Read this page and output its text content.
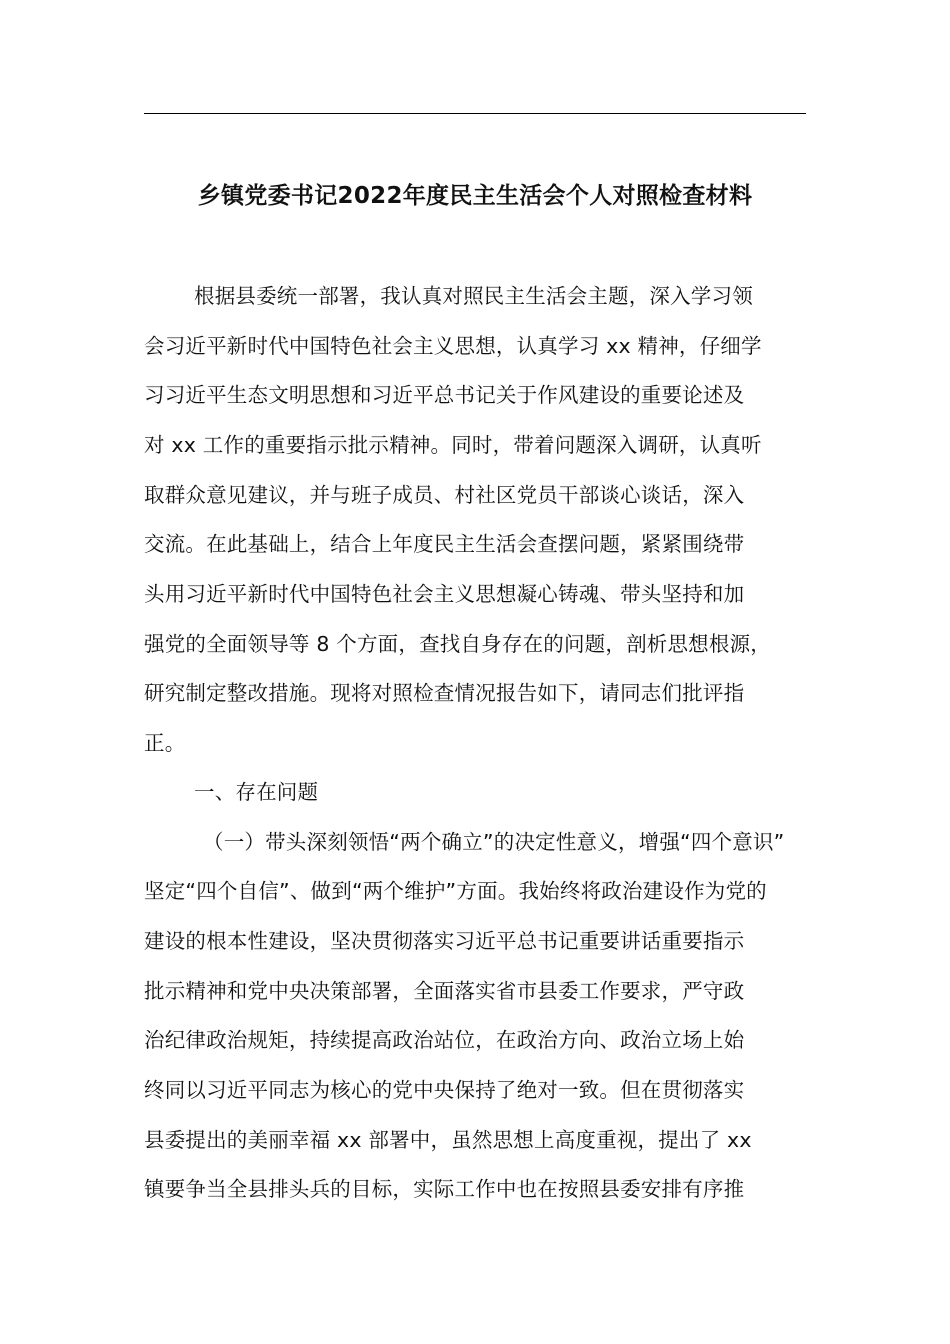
乡镇党委书记2022年度民主生活会个人对照检查材料
根据县委统一部署，我认真对照民主生活会主题，深入学习领
会习近平新时代中国特色社会主义思想，认真学习 xx 精神，仔细学
习习近平生态文明思想和习近平总书记关于作风建设的重要论述及
对 xx 工作的重要指示批示精神。同时，带着问题深入调研，认真听
取群众意见建议，并与班子成员、村社区党员干部谈心谈话，深入
交流。在此基础上，结合上年度民主生活会查摆问题，紧紧围绕带
头用习近平新时代中国特色社会主义思想凝心铸魂、带头坚持和加
强党的全面领导等 8 个方面，查找自身存在的问题，剖析思想根源，
研究制定整改措施。现将对照检查情况报告如下，请同志们批评指
正。
一、存在问题
（一）带头深刻领悟“两个确立”的决定性意义，增强“四个意识”
坚定“四个自信”、做到“两个维护”方面。我始终将政治建设作为党的
建设的根本性建设，坚决贯彻落实习近平总书记重要讲话重要指示
批示精神和党中央决策部署，全面落实省市县委工作要求，严守政
治纪律政治规矩，持续提高政治站位，在政治方向、政治立场上始
终同以习近平同志为核心的党中央保持了绝对一致。但在贯彻落实
县委提出的美丽幸福 xx 部署中，虽然思想上高度重视，提出了 xx
镇要争当全县排头兵的目标，实际工作中也在按照县委安排有序推
